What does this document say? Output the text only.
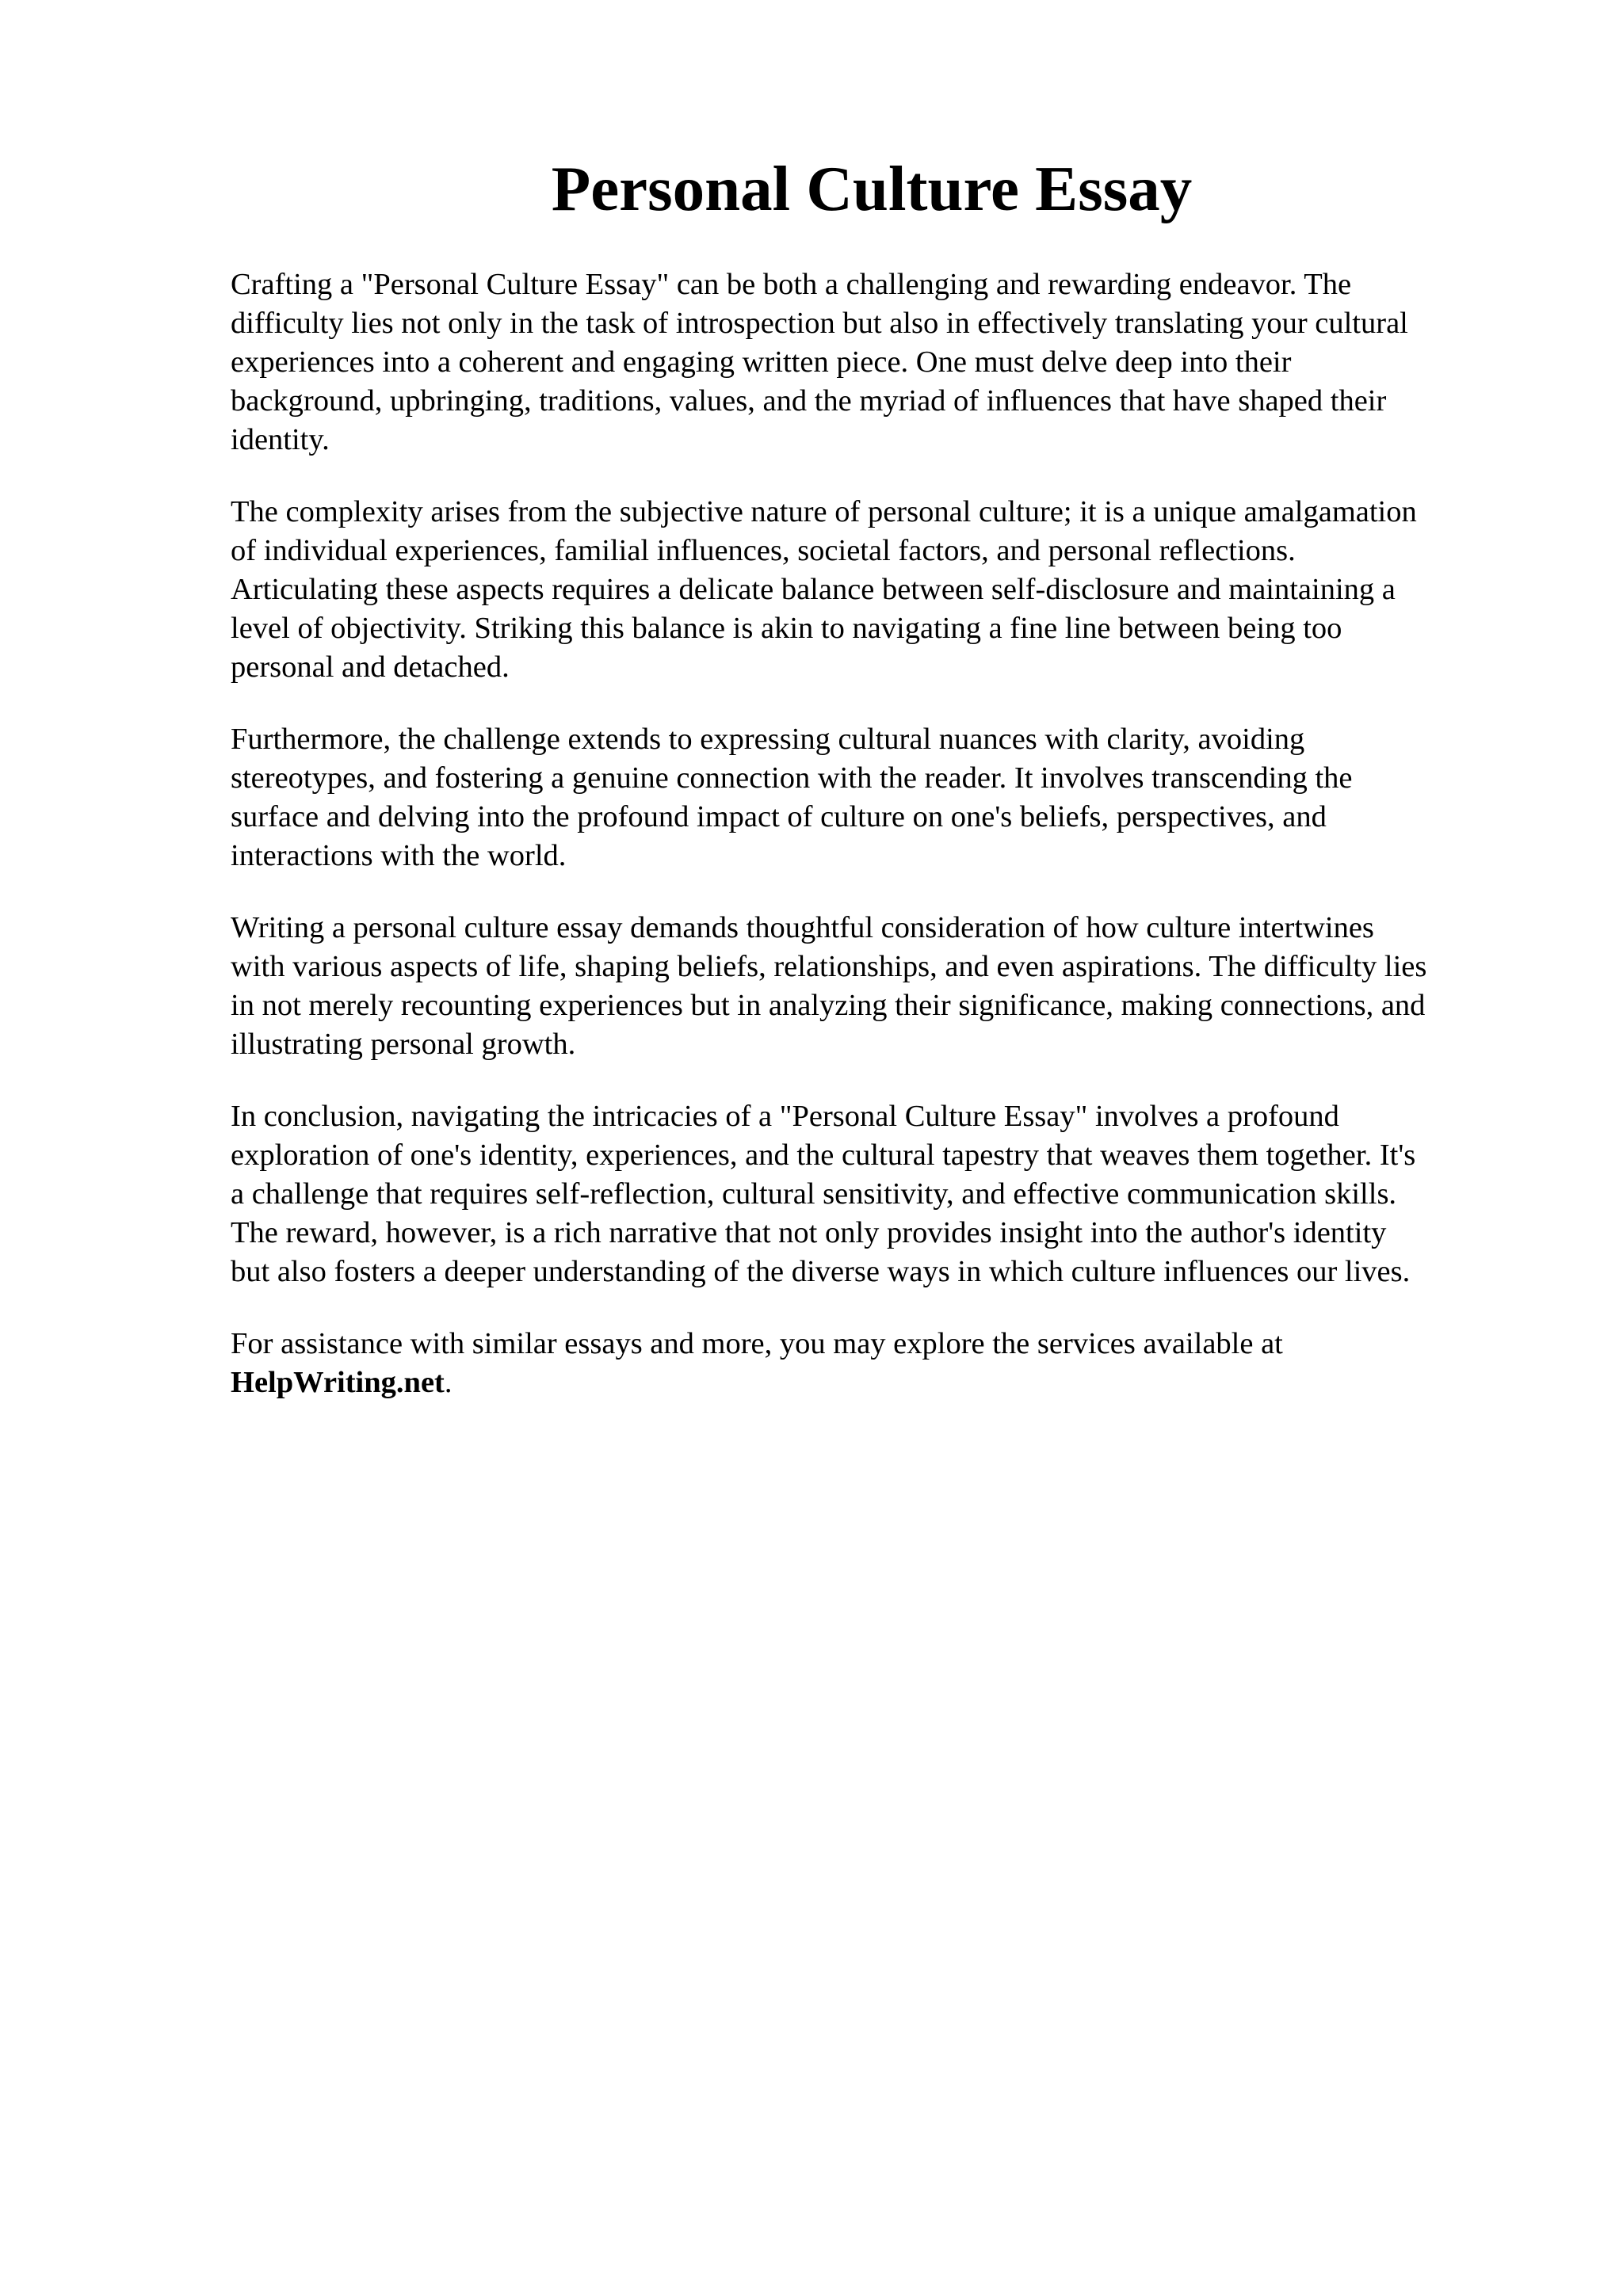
Personal Culture Essay

Crafting a "Personal Culture Essay" can be both a challenging and rewarding endeavor. The
difficulty lies not only in the task of introspection but also in effectively translating your cultural
experiences into a coherent and engaging written piece. One must delve deep into their
background, upbringing, traditions, values, and the myriad of influences that have shaped their
identity.

The complexity arises from the subjective nature of personal culture; it is a unique amalgamation
of individual experiences, familial influences, societal factors, and personal reflections.
Articulating these aspects requires a delicate balance between self-disclosure and maintaining a
level of objectivity. Striking this balance is akin to navigating a fine line between being too
personal and detached.

Furthermore, the challenge extends to expressing cultural nuances with clarity, avoiding
stereotypes, and fostering a genuine connection with the reader. It involves transcending the
surface and delving into the profound impact of culture on one's beliefs, perspectives, and
interactions with the world.

Writing a personal culture essay demands thoughtful consideration of how culture intertwines
with various aspects of life, shaping beliefs, relationships, and even aspirations. The difficulty lies
in not merely recounting experiences but in analyzing their significance, making connections, and
illustrating personal growth.

In conclusion, navigating the intricacies of a "Personal Culture Essay" involves a profound
exploration of one's identity, experiences, and the cultural tapestry that weaves them together. It's
a challenge that requires self-reflection, cultural sensitivity, and effective communication skills.
The reward, however, is a rich narrative that not only provides insight into the author's identity
but also fosters a deeper understanding of the diverse ways in which culture influences our lives.

For assistance with similar essays and more, you may explore the services available at
HelpWriting.net.
